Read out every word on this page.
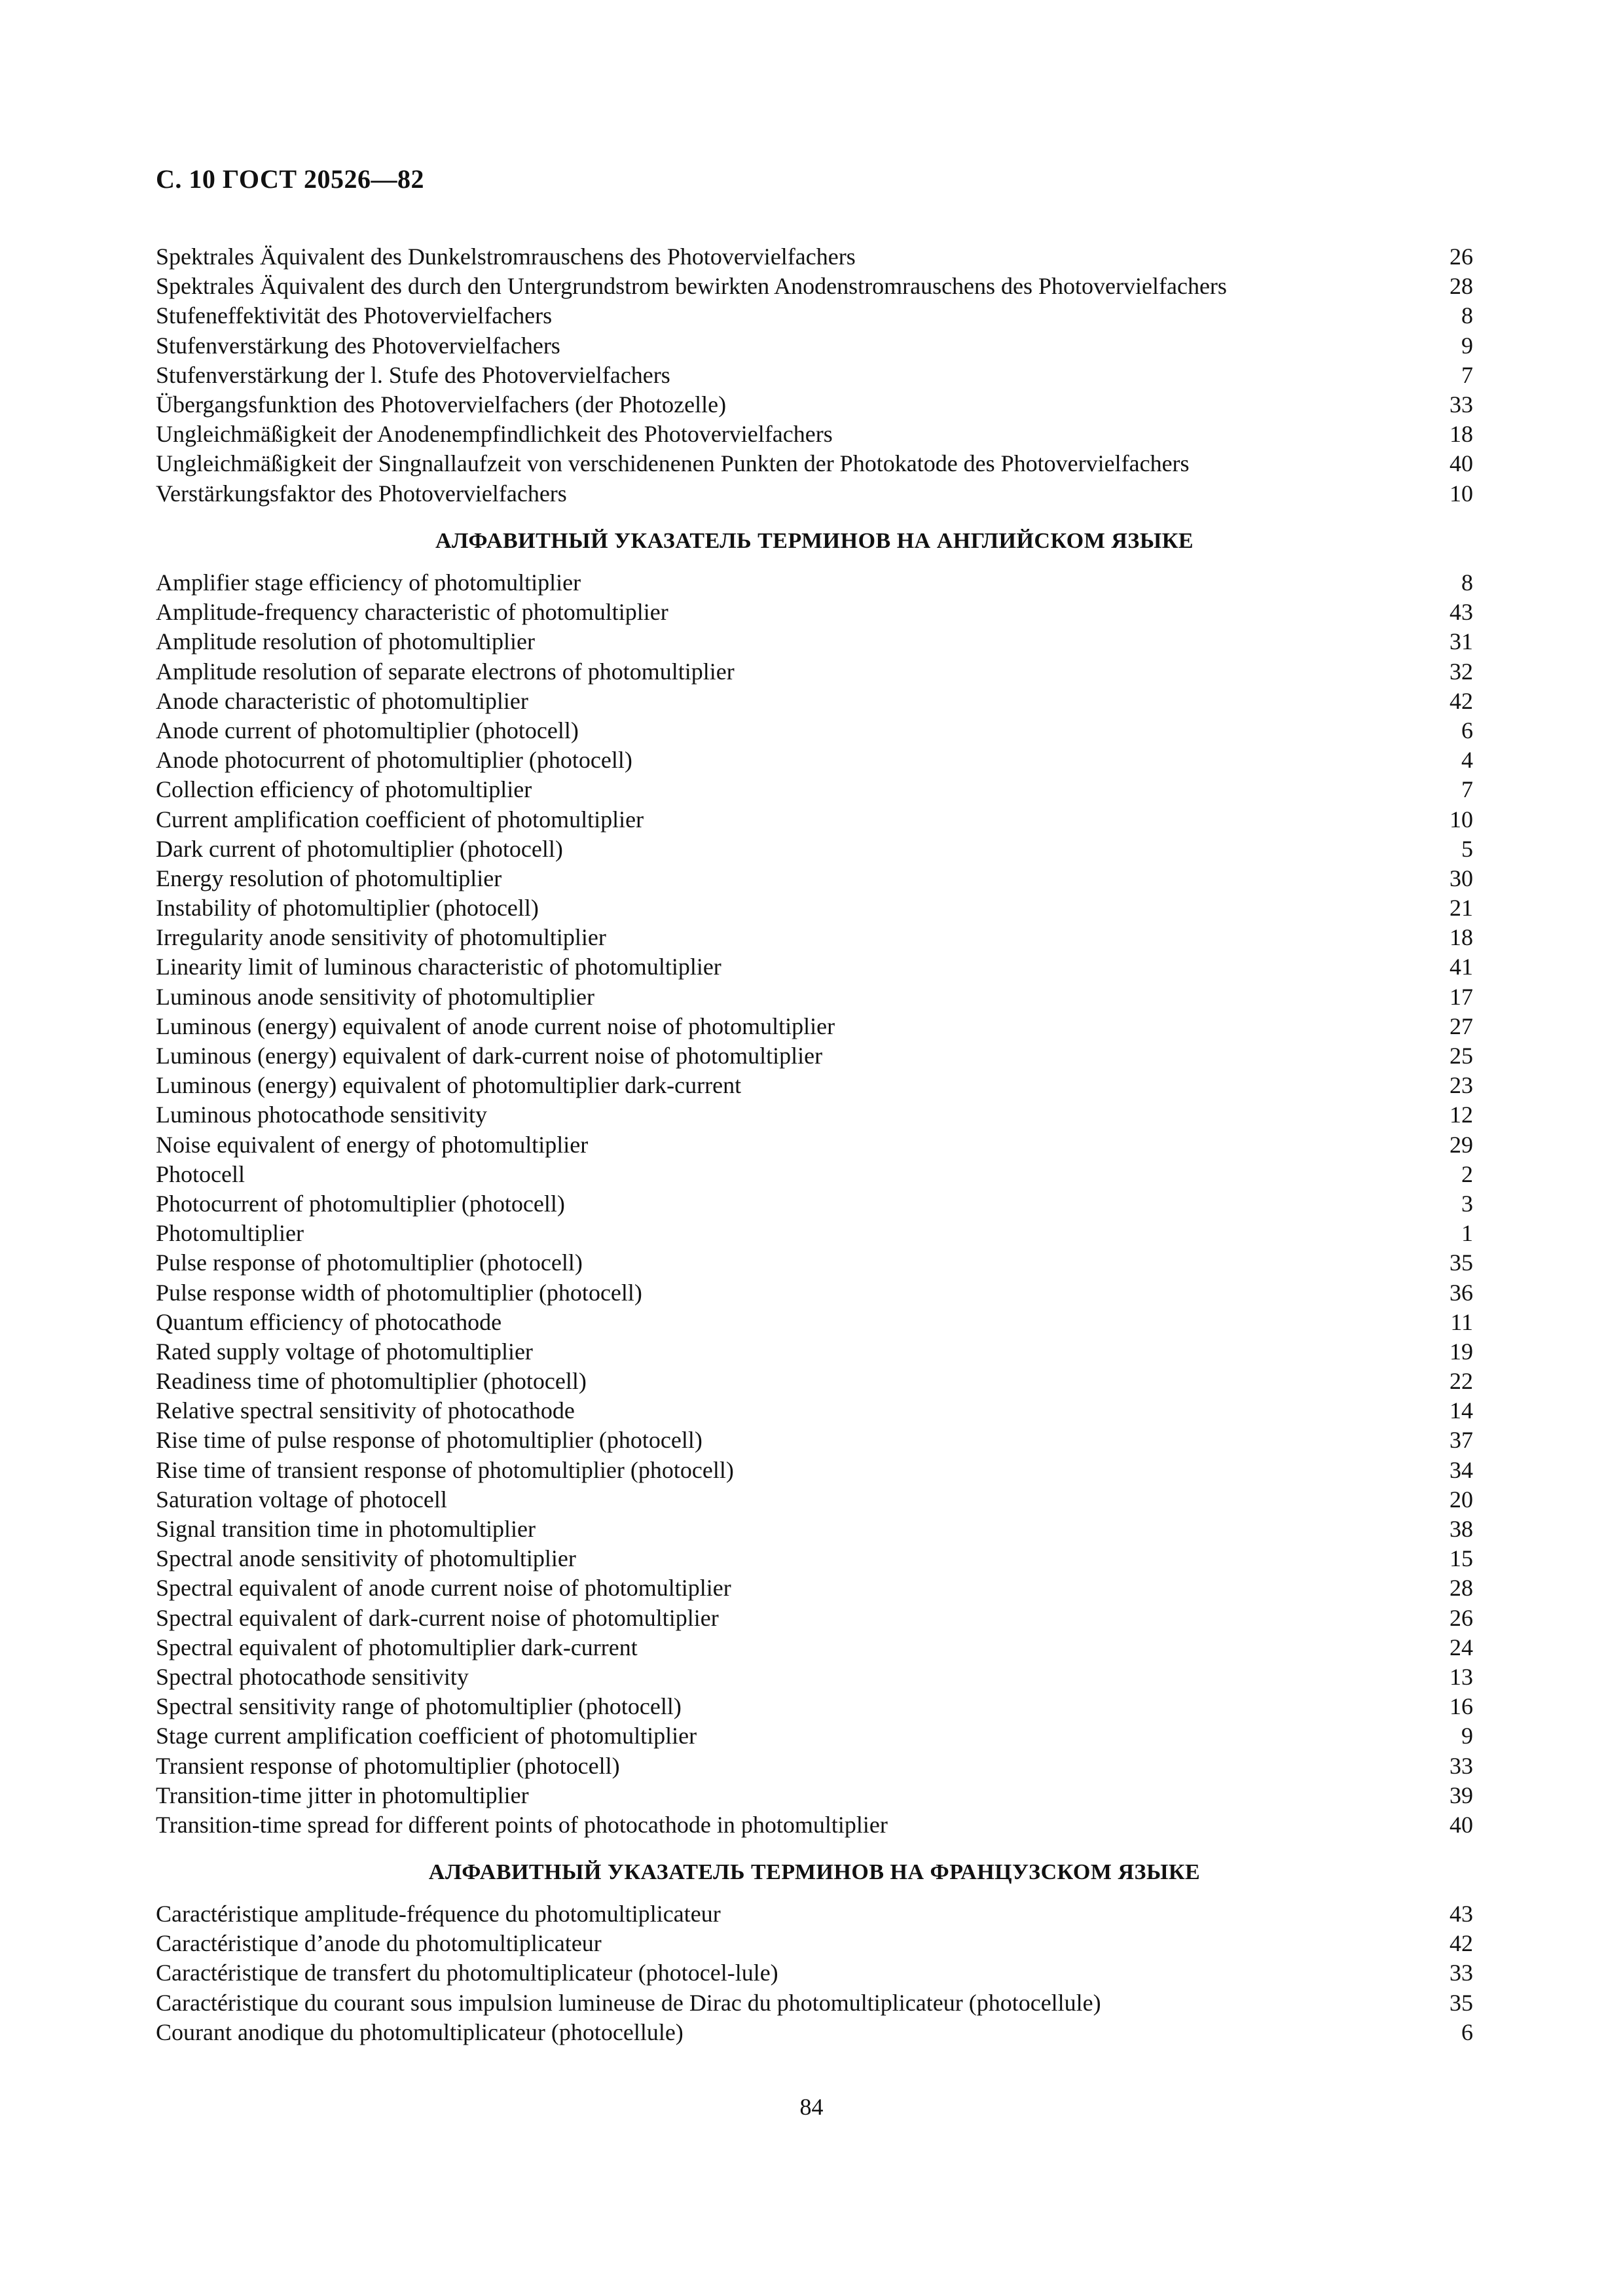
С. 10 ГОСТ 20526—82
Spektrales Äquivalent des Dunkelstromrauschens des Photovervielfachers	26
Spektrales Äquivalent des durch den Untergrundstrom bewirkten Anodenstromrauschens des Photovervielfachers	28
Stufeneffektivität des Photovervielfachers	8
Stufenverstärkung des Photovervielfachers	9
Stufenverstärkung der l. Stufe des Photovervielfachers	7
Übergangsfunktion des Photovervielfachers (der Photozelle)	33
Ungleichmäßigkeit der Anodenempfindlichkeit des Photovervielfachers	18
Ungleichmäßigkeit der Singnallaufzeit von verschidenenen Punkten der Photokatode des Photovervielfachers	40
Verstärkungsfaktor des Photovervielfachers	10
АЛФАВИТНЫЙ УКАЗАТЕЛЬ ТЕРМИНОВ НА АНГЛИЙСКОМ ЯЗЫКЕ
Amplifier stage efficiency of photomultiplier	8
Amplitude-frequency characteristic of photomultiplier	43
Amplitude resolution of photomultiplier	31
Amplitude resolution of separate electrons of photomultiplier	32
Anode characteristic of photomultiplier	42
Anode current of photomultiplier (photocell)	6
Anode photocurrent of photomultiplier (photocell)	4
Collection efficiency of photomultiplier	7
Current amplification coefficient of photomultiplier	10
Dark current of photomultiplier (photocell)	5
Energy resolution of photomultiplier	30
Instability of photomultiplier (photocell)	21
Irregularity anode sensitivity of photomultiplier	18
Linearity limit of luminous characteristic of photomultiplier	41
Luminous anode sensitivity of photomultiplier	17
Luminous (energy) equivalent of anode current noise of photomultiplier	27
Luminous (energy) equivalent of dark-current noise of photomultiplier	25
Luminous (energy) equivalent of photomultiplier dark-current	23
Luminous photocathode sensitivity	12
Noise equivalent of energy of photomultiplier	29
Photocell	2
Photocurrent of photomultiplier (photocell)	3
Photomultiplier	1
Pulse response of photomultiplier (photocell)	35
Pulse response width of photomultiplier (photocell)	36
Quantum efficiency of photocathode	11
Rated supply voltage of photomultiplier	19
Readiness time of photomultiplier (photocell)	22
Relative spectral sensitivity of photocathode	14
Rise time of pulse response of photomultiplier (photocell)	37
Rise time of transient response of photomultiplier (photocell)	34
Saturation voltage of photocell	20
Signal transition time in photomultiplier	38
Spectral anode sensitivity of photomultiplier	15
Spectral equivalent of anode current noise of photomultiplier	28
Spectral equivalent of dark-current noise of photomultiplier	26
Spectral equivalent of photomultiplier dark-current	24
Spectral photocathode sensitivity	13
Spectral sensitivity range of photomultiplier (photocell)	16
Stage current amplification coefficient of photomultiplier	9
Transient response of photomultiplier (photocell)	33
Transition-time jitter in photomultiplier	39
Transition-time spread for different points of photocathode in photomultiplier	40
АЛФАВИТНЫЙ УКАЗАТЕЛЬ ТЕРМИНОВ НА ФРАНЦУЗСКОМ ЯЗЫКЕ
Caractéristique amplitude-fréquence du photomultiplicateur	43
Caractéristique d’anode du photomultiplicateur	42
Caractéristique de transfert du photomultiplicateur (photocel-lule)	33
Caractéristique du courant sous impulsion lumineuse de Dirac du photomultiplicateur (photocellule)	35
Courant anodique du photomultiplicateur (photocellule)	6
84
